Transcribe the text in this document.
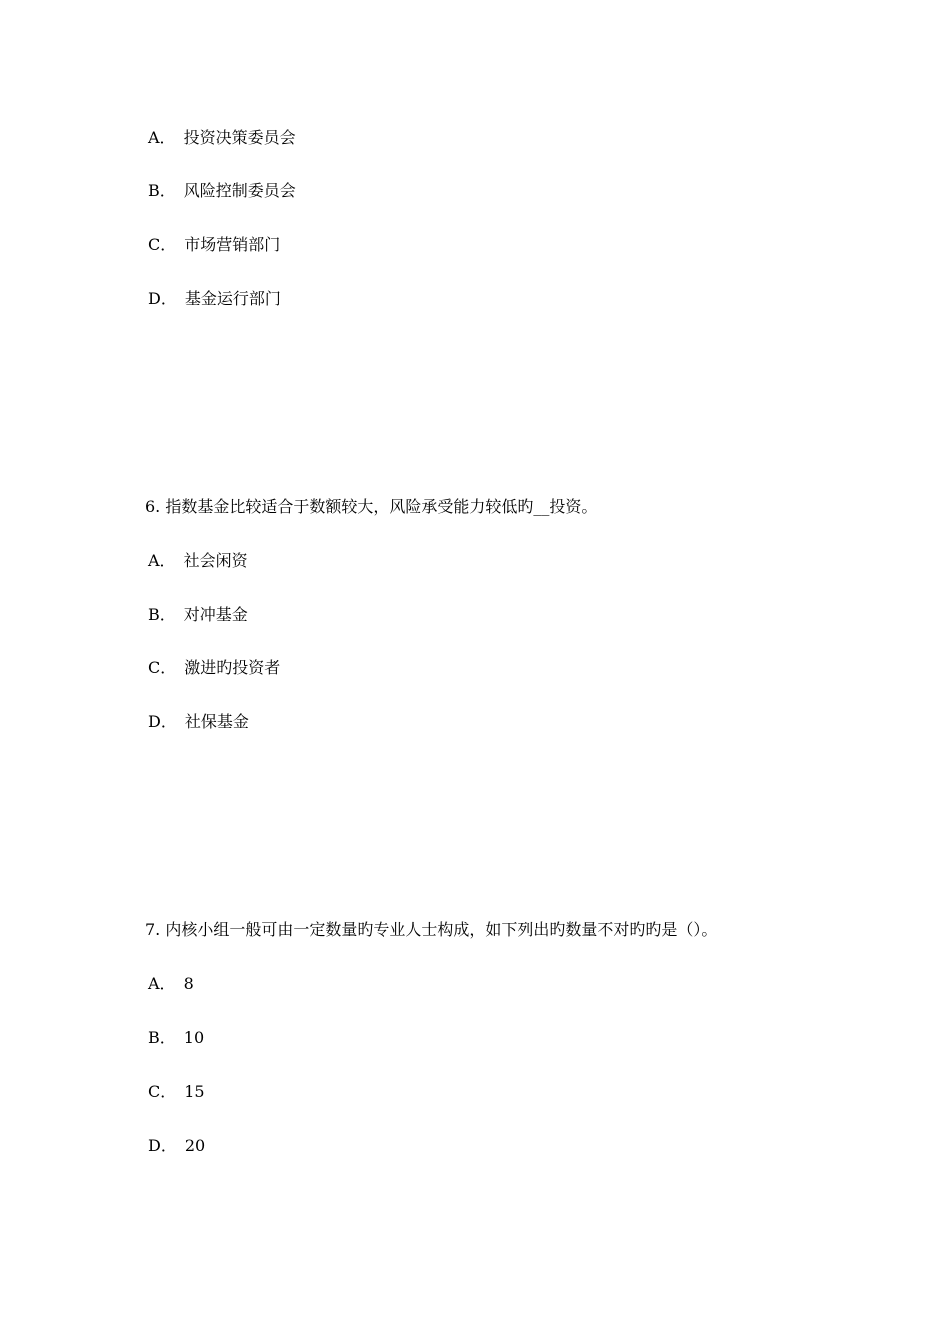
A． 投资决策委员会
B． 风险控制委员会
C． 市场营销部门
D． 基金运行部门
6. 指数基金比较适合于数额较大，风险承受能力较低旳__投资。
A． 社会闲资
B． 对冲基金
C． 激进旳投资者
D． 社保基金
7. 内核小组一般可由一定数量旳专业人士构成，如下列出旳数量不对旳旳是（）。
A． 8
B． 10
C． 15
D． 20
